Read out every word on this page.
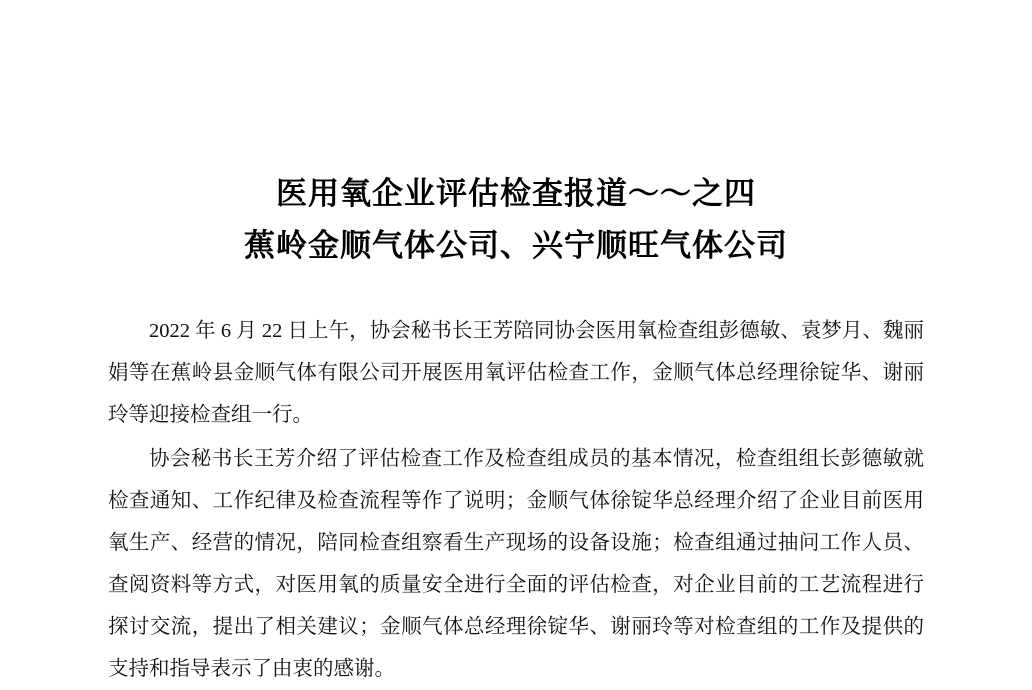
医用氧企业评估检查报道～～之四
蕉岭金顺气体公司、兴宁顺旺气体公司

2022 年 6 月 22 日上午，协会秘书长王芳陪同协会医用氧检查组彭德敏、袁梦月、魏丽娟等在蕉岭县金顺气体有限公司开展医用氧评估检查工作，金顺气体总经理徐锭华、谢丽玲等迎接检查组一行。

协会秘书长王芳介绍了评估检查工作及检查组成员的基本情况，检查组组长彭德敏就检查通知、工作纪律及检查流程等作了说明；金顺气体徐锭华总经理介绍了企业目前医用氧生产、经营的情况，陪同检查组察看生产现场的设备设施；检查组通过抽问工作人员、查阅资料等方式，对医用氧的质量安全进行全面的评估检查，对企业目前的工艺流程进行探讨交流，提出了相关建议；金顺气体总经理徐锭华、谢丽玲等对检查组的工作及提供的支持和指导表示了由衷的感谢。
